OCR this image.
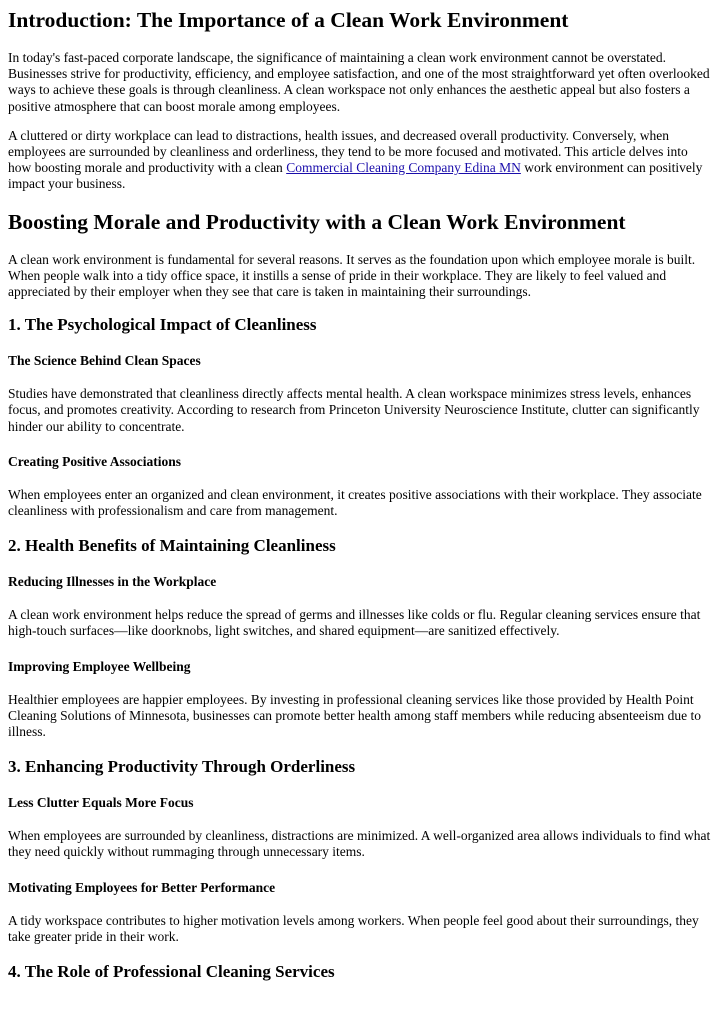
Introduction: The Importance of a Clean Work Environment

In today's fast-paced corporate landscape, the significance of maintaining a clean work environment cannot be overstated. Businesses strive for productivity, efficiency, and employee satisfaction, and one of the most straightforward yet often overlooked ways to achieve these goals is through cleanliness. A clean workspace not only enhances the aesthetic appeal but also fosters a positive atmosphere that can boost morale among employees.

A cluttered or dirty workplace can lead to distractions, health issues, and decreased overall productivity. Conversely, when employees are surrounded by cleanliness and orderliness, they tend to be more focused and motivated. This article delves into how boosting morale and productivity with a clean Commercial Cleaning Company Edina MN work environment can positively impact your business.

Boosting Morale and Productivity with a Clean Work Environment

A clean work environment is fundamental for several reasons. It serves as the foundation upon which employee morale is built. When people walk into a tidy office space, it instills a sense of pride in their workplace. They are likely to feel valued and appreciated by their employer when they see that care is taken in maintaining their surroundings.

1. The Psychological Impact of Cleanliness
The Science Behind Clean Spaces

Studies have demonstrated that cleanliness directly affects mental health. A clean workspace minimizes stress levels, enhances focus, and promotes creativity. According to research from Princeton University Neuroscience Institute, clutter can significantly hinder our ability to concentrate.

Creating Positive Associations

When employees enter an organized and clean environment, it creates positive associations with their workplace. They associate cleanliness with professionalism and care from management.

2. Health Benefits of Maintaining Cleanliness
Reducing Illnesses in the Workplace

A clean work environment helps reduce the spread of germs and illnesses like colds or flu. Regular cleaning services ensure that high-touch surfaces—like doorknobs, light switches, and shared equipment—are sanitized effectively.

Improving Employee Wellbeing

Healthier employees are happier employees. By investing in professional cleaning services like those provided by Health Point Cleaning Solutions of Minnesota, businesses can promote better health among staff members while reducing absenteeism due to illness.

3. Enhancing Productivity Through Orderliness
Less Clutter Equals More Focus

When employees are surrounded by cleanliness, distractions are minimized. A well-organized area allows individuals to find what they need quickly without rummaging through unnecessary items.

Motivating Employees for Better Performance

A tidy workspace contributes to higher motivation levels among workers. When people feel good about their surroundings, they take greater pride in their work.

4. The Role of Professional Cleaning Services
